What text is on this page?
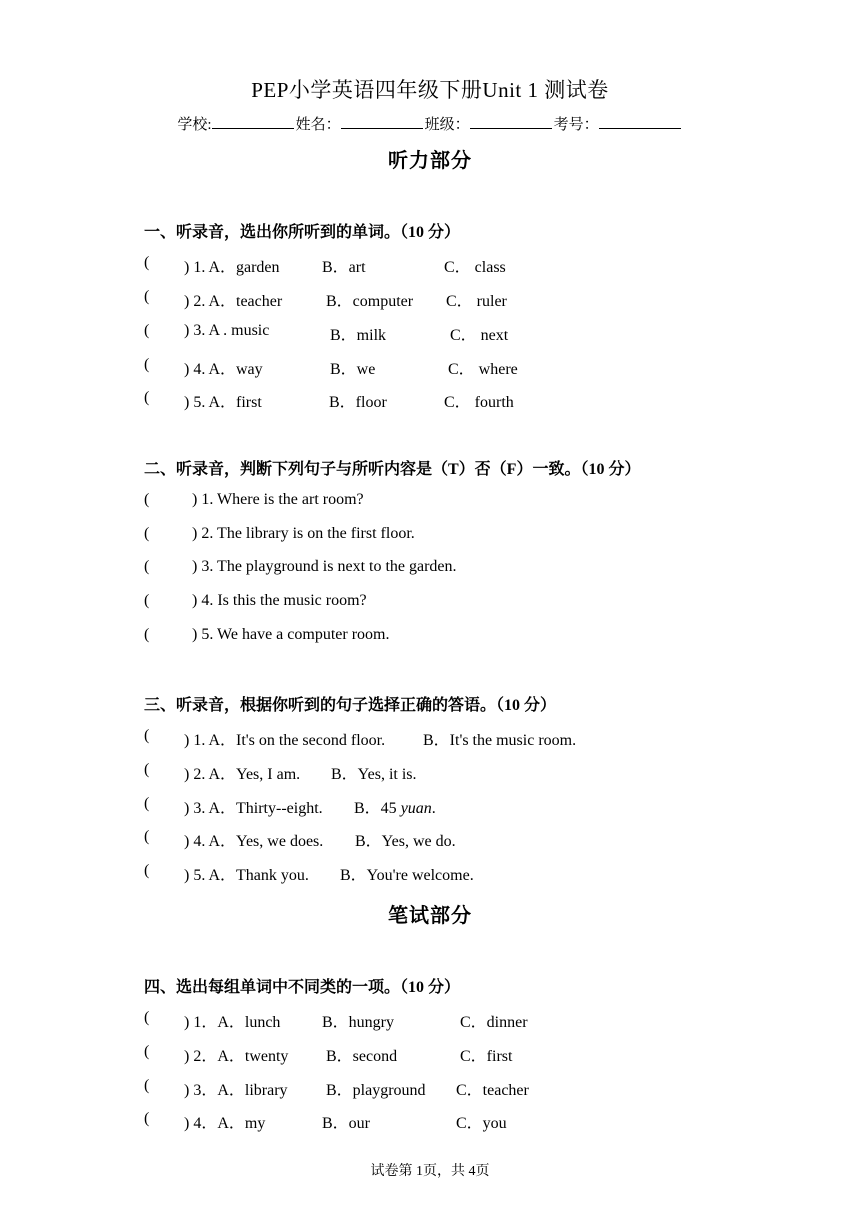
PEP小学英语四年级下册Unit 1 测试卷
学校:	姓名：	班级：	考号：
听力部分
一、听录音，选出你所听到的单词。（10 分）
( ) 1. A．garden	B．art	C． class
( ) 2. A．teacher	B．computer C． ruler
( ) 3. A . music	B．milk	C． next
( ) 4. A．way	B．we	C． where
( ) 5. A．first	B．floor	C． fourth
二、听录音，判断下列句子与所听内容是（T）否（F）一致。（10 分）
(	) 1. Where is the art room?
(	) 2. The library is on the first floor.
(	) 3. The playground is next to the garden.
(	) 4. Is this the music room?
(	) 5. We have a computer room.
三、听录音，根据你听到的句子选择正确的答语。（10 分）
( ) 1. A．It's on the second floor. B．It's the music room.
( ) 2. A．Yes, I am. B．Yes, it is.
( ) 3. A．Thirty--eight. B．45 yuan.
( ) 4. A．Yes, we does. B．Yes, we do.
( ) 5. A．Thank you. B．You're welcome.
笔试部分
四、选出每组单词中不同类的一项。（10 分）
( ) 1．A．lunch	B．hungry	C．dinner
( ) 2．A．twenty B．second	C．first
( ) 3．A．library B．playground C．teacher
( ) 4．A．my	B．our	C．you
试卷第 1页，共 4页
